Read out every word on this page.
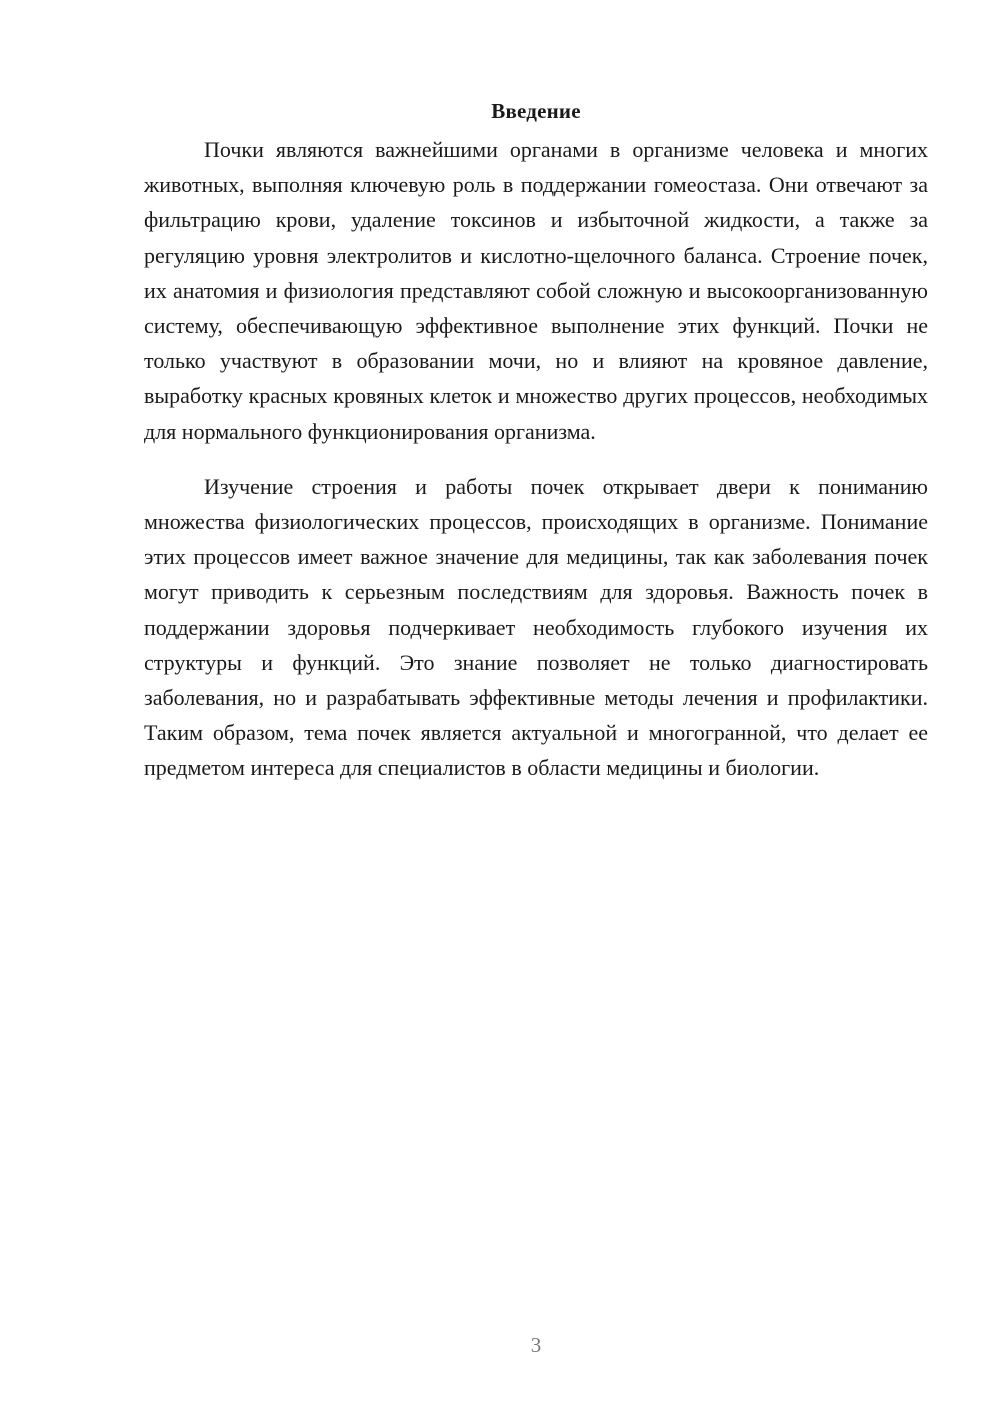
Введение

Почки являются важнейшими органами в организме человека и многих животных, выполняя ключевую роль в поддержании гомеостаза. Они отвечают за фильтрацию крови, удаление токсинов и избыточной жидкости, а также за регуляцию уровня электролитов и кислотно-щелочного баланса. Строение почек, их анатомия и физиология представляют собой сложную и высокоорганизованную систему, обеспечивающую эффективное выполнение этих функций. Почки не только участвуют в образовании мочи, но и влияют на кровяное давление, выработку красных кровяных клеток и множество других процессов, необходимых для нормального функционирования организма.

Изучение строения и работы почек открывает двери к пониманию множества физиологических процессов, происходящих в организме. Понимание этих процессов имеет важное значение для медицины, так как заболевания почек могут приводить к серьезным последствиям для здоровья. Важность почек в поддержании здоровья подчеркивает необходимость глубокого изучения их структуры и функций. Это знание позволяет не только диагностировать заболевания, но и разрабатывать эффективные методы лечения и профилактики. Таким образом, тема почек является актуальной и многогранной, что делает ее предметом интереса для специалистов в области медицины и биологии.

3
